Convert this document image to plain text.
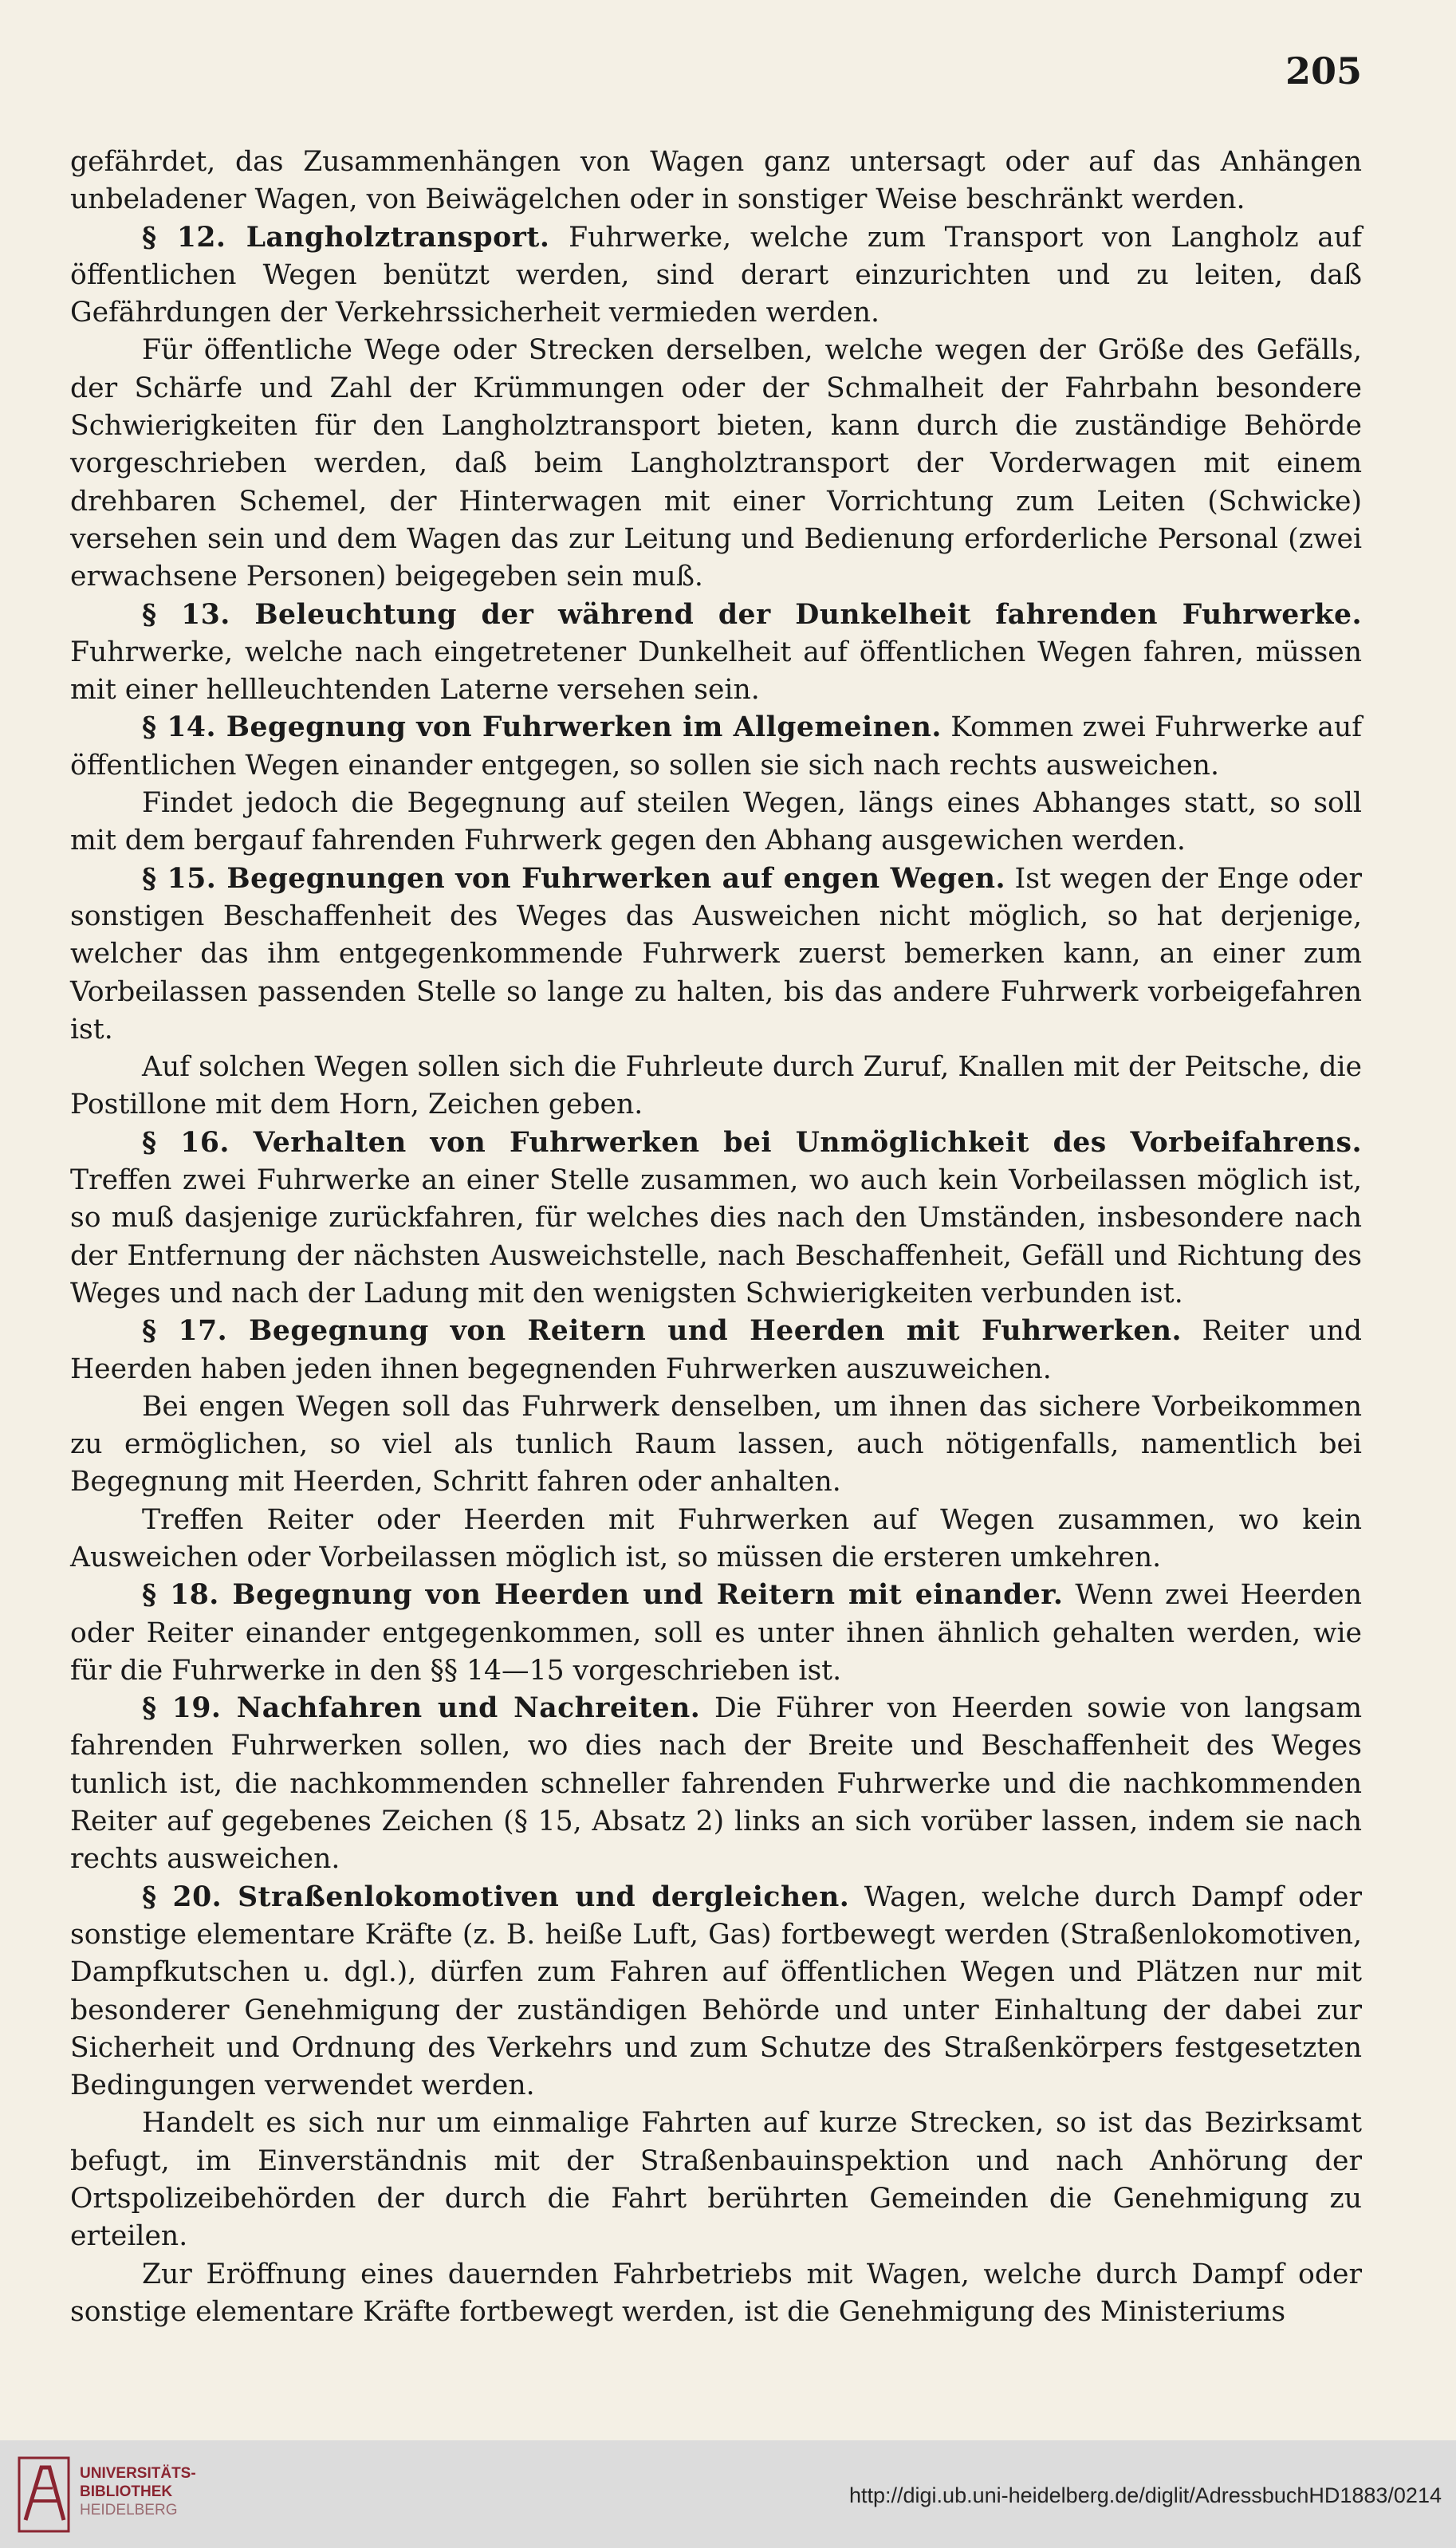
205

gefährdet, das Zusammenhängen von Wagen ganz untersagt oder auf das Anhängen unbeladener Wagen, von Beiwägelchen oder in sonstiger Weise beschränkt werden.

§ 12. Langholztransport. Fuhrwerke, welche zum Transport von Langholz auf öffentlichen Wegen benützt werden, sind derart einzurichten und zu leiten, daß Gefährdungen der Verkehrssicherheit vermieden werden.

Für öffentliche Wege oder Strecken derselben, welche wegen der Größe des Gefälls, der Schärfe und Zahl der Krümmungen oder der Schmalheit der Fahrbahn besondere Schwierigkeiten für den Langholztransport bieten, kann durch die zuständige Behörde vorgeschrieben werden, daß beim Langholztransport der Vorderwagen mit einem drehbaren Schemel, der Hinterwagen mit einer Vorrichtung zum Leiten (Schwicke) versehen sein und dem Wagen das zur Leitung und Bedienung erforderliche Personal (zwei erwachsene Personen) beigegeben sein muß.

§ 13. Beleuchtung der während der Dunkelheit fahrenden Fuhrwerke. Fuhrwerke, welche nach eingetretener Dunkelheit auf öffentlichen Wegen fahren, müssen mit einer hellleuchtenden Laterne versehen sein.

§ 14. Begegnung von Fuhrwerken im Allgemeinen. Kommen zwei Fuhrwerke auf öffentlichen Wegen einander entgegen, so sollen sie sich nach rechts ausweichen.

Findet jedoch die Begegnung auf steilen Wegen, längs eines Abhanges statt, so soll mit dem bergauf fahrenden Fuhrwerk gegen den Abhang ausgewichen werden.

§ 15. Begegnungen von Fuhrwerken auf engen Wegen. Ist wegen der Enge oder sonstigen Beschaffenheit des Weges das Ausweichen nicht möglich, so hat derjenige, welcher das ihm entgegenkommende Fuhrwerk zuerst bemerken kann, an einer zum Vorbeilassen passenden Stelle so lange zu halten, bis das andere Fuhrwerk vorbeigefahren ist.

Auf solchen Wegen sollen sich die Fuhrleute durch Zuruf, Knallen mit der Peitsche, die Postillone mit dem Horn, Zeichen geben.

§ 16. Verhalten von Fuhrwerken bei Unmöglichkeit des Vorbeifahrens. Treffen zwei Fuhrwerke an einer Stelle zusammen, wo auch kein Vorbeilassen möglich ist, so muß dasjenige zurückfahren, für welches dies nach den Umständen, insbesondere nach der Entfernung der nächsten Ausweichstelle, nach Beschaffenheit, Gefäll und Richtung des Weges und nach der Ladung mit den wenigsten Schwierigkeiten verbunden ist.

§ 17. Begegnung von Reitern und Heerden mit Fuhrwerken. Reiter und Heerden haben jeden ihnen begegnenden Fuhrwerken auszuweichen.

Bei engen Wegen soll das Fuhrwerk denselben, um ihnen das sichere Vorbeikommen zu ermöglichen, so viel als tunlich Raum lassen, auch nötigenfalls, namentlich bei Begegnung mit Heerden, Schritt fahren oder anhalten.

Treffen Reiter oder Heerden mit Fuhrwerken auf Wegen zusammen, wo kein Ausweichen oder Vorbeilassen möglich ist, so müssen die ersteren umkehren.

§ 18. Begegnung von Heerden und Reitern mit einander. Wenn zwei Heerden oder Reiter einander entgegenkommen, soll es unter ihnen ähnlich gehalten werden, wie für die Fuhrwerke in den §§ 14—15 vorgeschrieben ist.

§ 19. Nachfahren und Nachreiten. Die Führer von Heerden sowie von langsam fahrenden Fuhrwerken sollen, wo dies nach der Breite und Beschaffenheit des Weges tunlich ist, die nachkommenden schneller fahrenden Fuhrwerke und die nachkommenden Reiter auf gegebenes Zeichen (§ 15, Absatz 2) links an sich vorüber lassen, indem sie nach rechts ausweichen.

§ 20. Straßenlokomotiven und dergleichen. Wagen, welche durch Dampf oder sonstige elementare Kräfte (z. B. heiße Luft, Gas) fortbewegt werden (Straßenlokomotiven, Dampfkutschen u. dgl.), dürfen zum Fahren auf öffentlichen Wegen und Plätzen nur mit besonderer Genehmigung der zuständigen Behörde und unter Einhaltung der dabei zur Sicherheit und Ordnung des Verkehrs und zum Schutze des Straßenkörpers festgesetzten Bedingungen verwendet werden.

Handelt es sich nur um einmalige Fahrten auf kurze Strecken, so ist das Bezirksamt befugt, im Einverständnis mit der Straßenbauinspektion und nach Anhörung der Ortspolizeibehörden der durch die Fahrt berührten Gemeinden die Genehmigung zu erteilen.

Zur Eröffnung eines dauernden Fahrbetriebs mit Wagen, welche durch Dampf oder sonstige elementare Kräfte fortbewegt werden, ist die Genehmigung des Ministeriums

UNIVERSITÄTS-
BIBLIOTHEK
HEIDELBERG
http://digi.ub.uni-heidelberg.de/diglit/AdressbuchHD1883/0214
